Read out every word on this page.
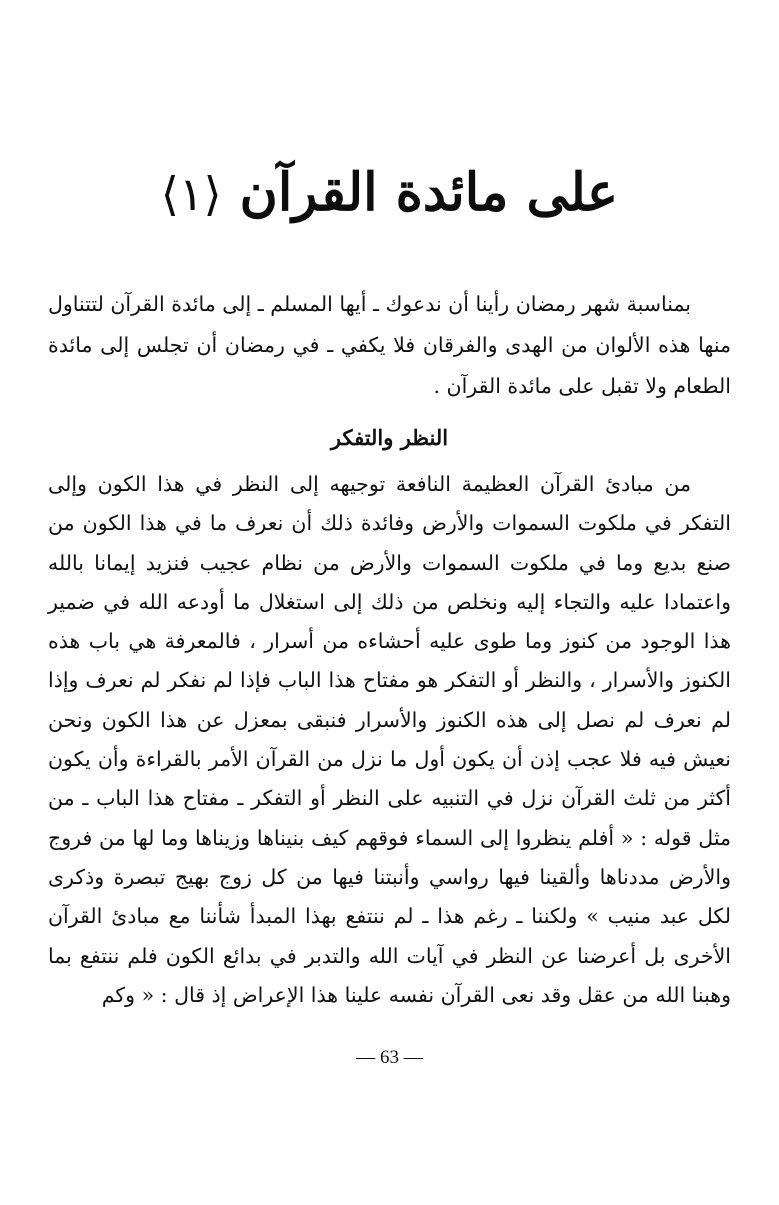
على مائدة القرآن ⟨١⟩
بمناسبة شهر رمضان رأينا أن ندعوك ـ أيها المسلم ـ إلى مائدة القرآن لتتناول منها هذه الألوان من الهدى والفرقان فلا يكفي ـ في رمضان أن تجلس إلى مائدة الطعام ولا تقبل على مائدة القرآن .
النظر والتفكر
من مبادئ القرآن العظيمة النافعة توجيهه إلى النظر في هذا الكون وإلى التفكر في ملكوت السموات والأرض وفائدة ذلك أن نعرف ما في هذا الكون من صنع بديع وما في ملكوت السموات والأرض من نظام عجيب فنزيد إيمانا بالله واعتمادا عليه والتجاء إليه ونخلص من ذلك إلى استغلال ما أودعه الله في ضمير هذا الوجود من كنوز وما طوى عليه أحشاءه من أسرار ، فالمعرفة هي باب هذه الكنوز والأسرار ، والنظر أو التفكر هو مفتاح هذا الباب فإذا لم نفكر لم نعرف وإذا لم نعرف لم نصل إلى هذه الكنوز والأسرار فنبقى بمعزل عن هذا الكون ونحن نعيش فيه فلا عجب إذن أن يكون أول ما نزل من القرآن الأمر بالقراءة وأن يكون أكثر من ثلث القرآن نزل في التنبيه على النظر أو التفكر ـ مفتاح هذا الباب ـ من مثل قوله : « أفلم ينظروا إلى السماء فوقهم كيف بنيناها وزيناها وما لها من فروج والأرض مددناها وألقينا فيها رواسي وأنبتنا فيها من كل زوج بهيج تبصرة وذكرى لكل عبد منيب » ولكننا ـ رغم هذا ـ لم ننتفع بهذا المبدأ شأننا مع مبادئ القرآن الأخرى بل أعرضنا عن النظر في آيات الله والتدبر في بدائع الكون فلم ننتفع بما وهبنا الله من عقل وقد نعى القرآن نفسه علينا هذا الإعراض إذ قال : « وكم
— 63 —
